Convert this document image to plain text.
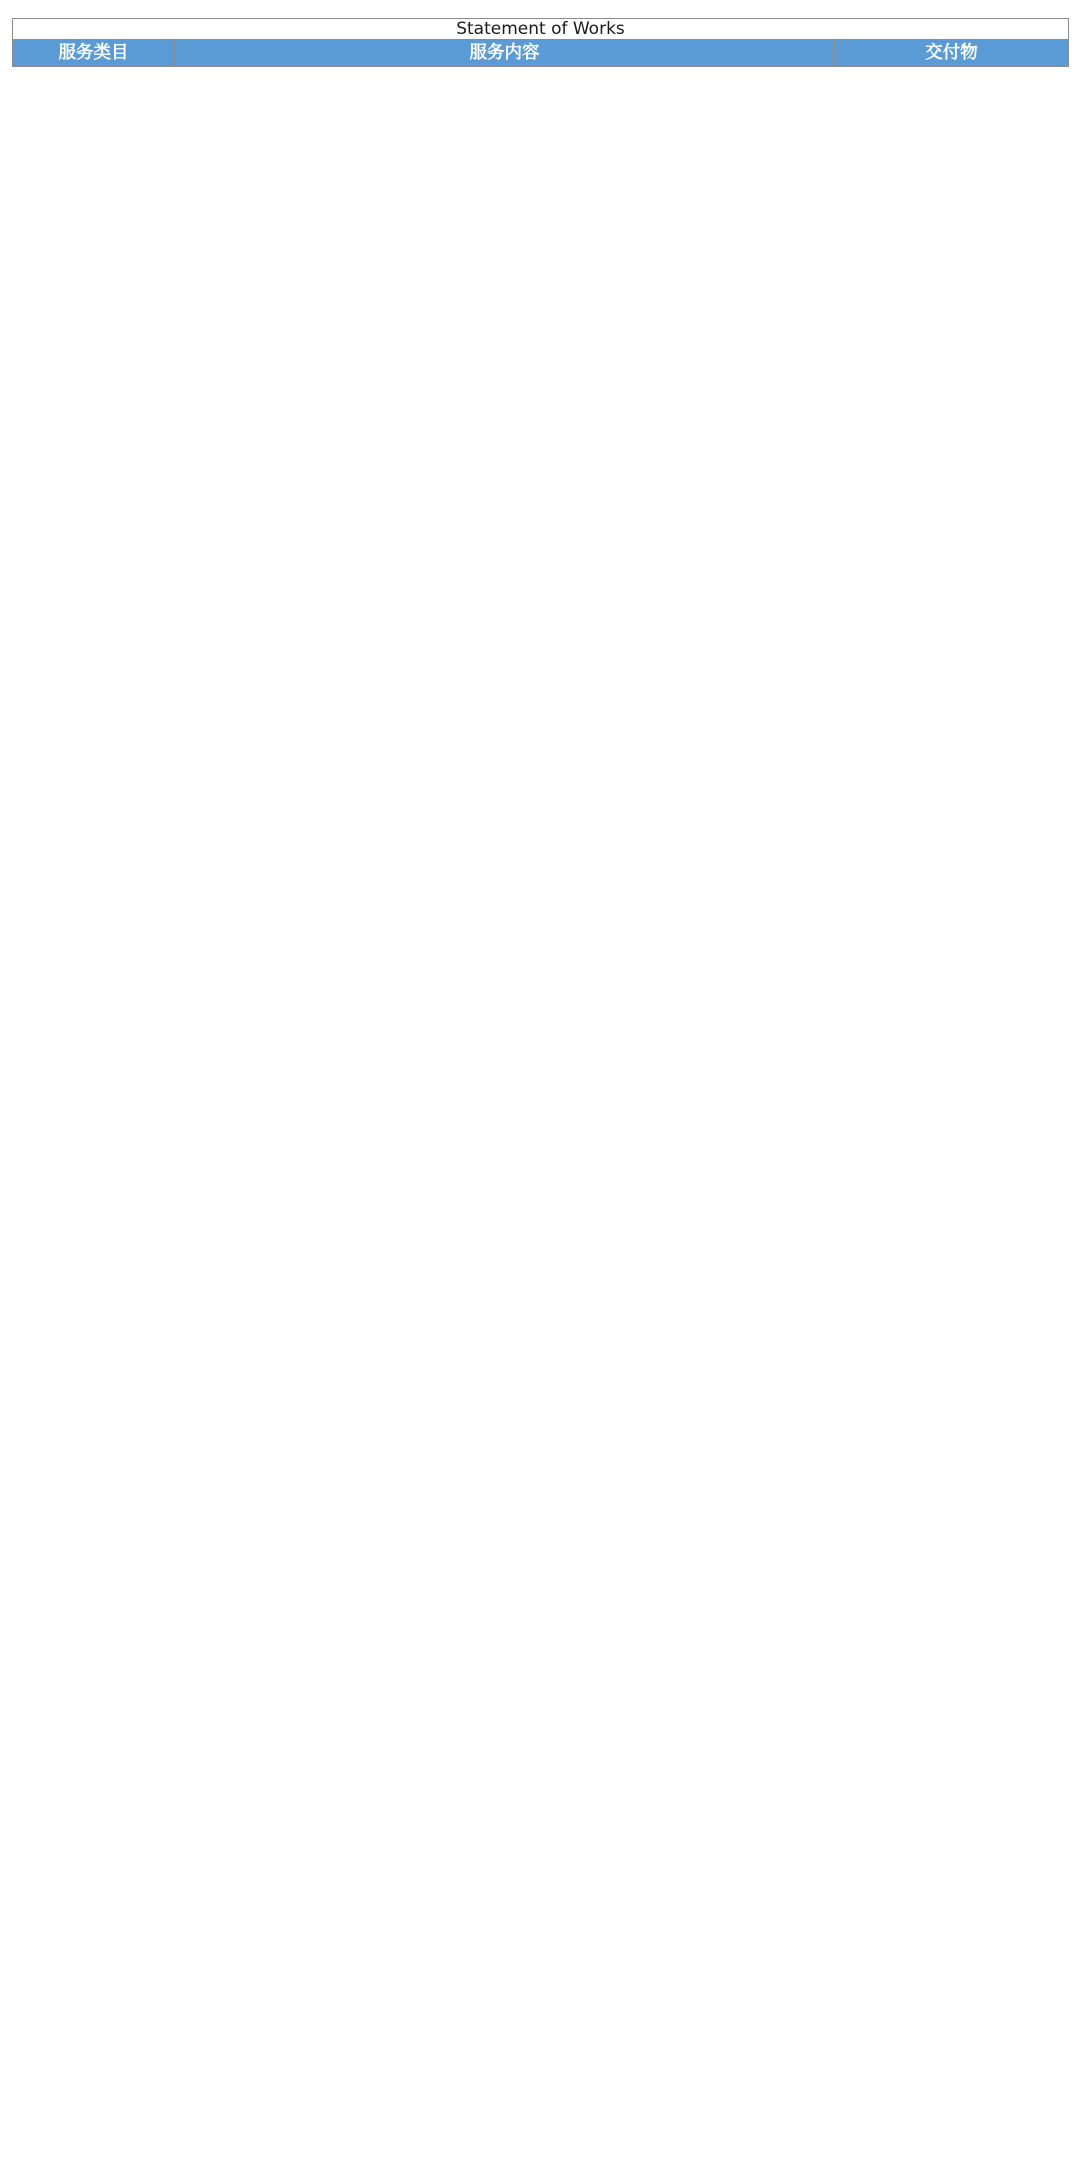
Statement of Works
服务类目	服务内容	交付物
